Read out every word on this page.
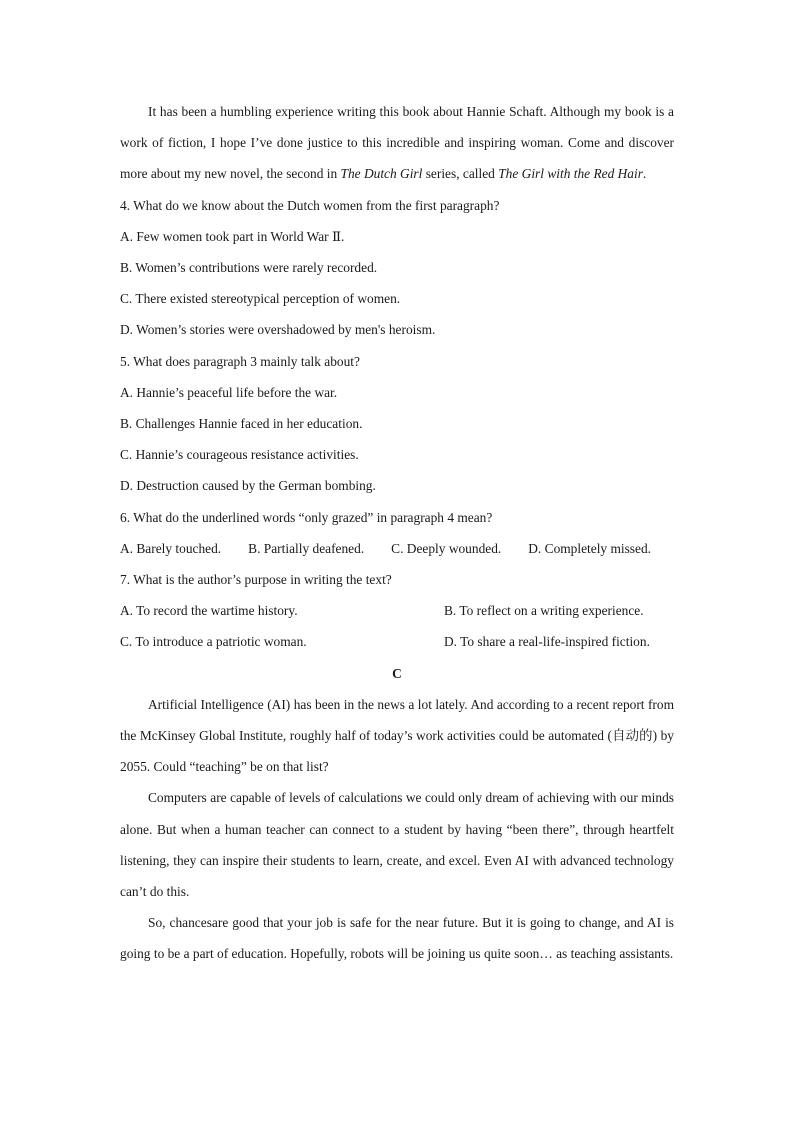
It has been a humbling experience writing this book about Hannie Schaft. Although my book is a work of fiction, I hope I’ve done justice to this incredible and inspiring woman. Come and discover more about my new novel, the second in The Dutch Girl series, called The Girl with the Red Hair.

4. What do we know about the Dutch women from the first paragraph?

A. Few women took part in World War Ⅱ.

B. Women’s contributions were rarely recorded.

C. There existed stereotypical perception of women.

D. Women’s stories were overshadowed by men's heroism.

5. What does paragraph 3 mainly talk about?

A. Hannie’s peaceful life before the war.

B. Challenges Hannie faced in her education.

C. Hannie’s courageous resistance activities.

D. Destruction caused by the German bombing.

6. What do the underlined words “only grazed” in paragraph 4 mean?

A. Barely touched. B. Partially deafened. C. Deeply wounded. D. Completely missed.

7. What is the author’s purpose in writing the text?

A. To record the wartime history.	B. To reflect on a writing experience.
C. To introduce a patriotic woman.	D. To share a real-life-inspired fiction.

C

Artificial Intelligence (AI) has been in the news a lot lately. And according to a recent report from the McKinsey Global Institute, roughly half of today’s work activities could be automated (自动的) by 2055. Could “teaching” be on that list?

Computers are capable of levels of calculations we could only dream of achieving with our minds alone. But when a human teacher can connect to a student by having “been there”, through heartfelt listening, they can inspire their students to learn, create, and excel. Even AI with advanced technology can’t do this.

So, chancesare good that your job is safe for the near future. But it is going to change, and AI is going to be a part of education. Hopefully, robots will be joining us quite soon… as teaching assistants.
